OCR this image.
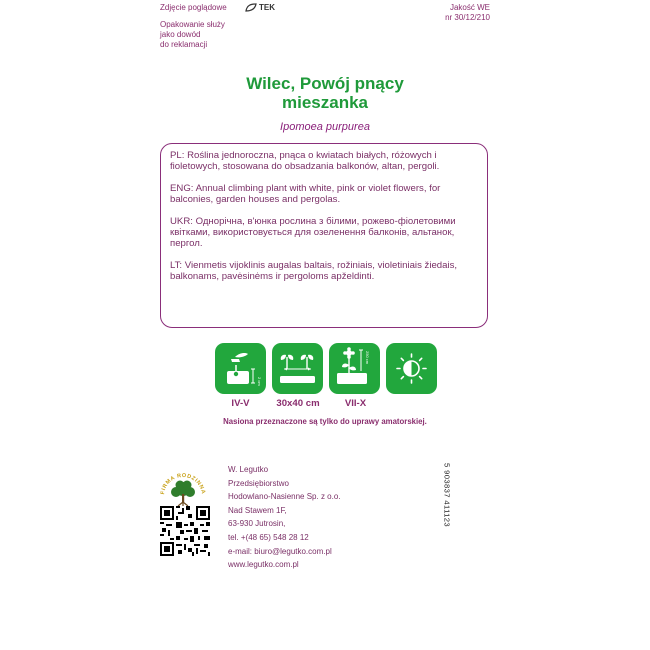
Zdjęcie poglądowe	TEK	Jakość WE
nr 30/12/210
Opakowanie służy
jako dowód
do reklamacji
Wilec, Powój pnący
mieszanka
Ipomoea purpurea

PL: Roślina jednoroczna, pnąca o kwiatach białych, różowych i fioletowych, stosowana do obsadzania balkonów, altan, pergoli.

ENG: Annual climbing plant with white, pink or violet flowers, for balconies, garden houses and pergolas.

UKR: Однорічна, в'юнка рослина з білими, рожево-фіолетовими квітками, використовується для озеленення балконів, альтанок, пергол.

LT: Vienmetis vijoklinis augalas baltais, rožiniais, violetiniais žiedais, balkonams, pavėsinėms ir pergoloms apželdinti.

2 cm
250 cm
IV-V	30x40 cm	VII-X
Nasiona przeznaczone są tylko do uprawy amatorskiej.
FIRMA RODZINNA
W. Legutko
Przedsiębiorstwo
Hodowlano-Nasienne Sp. z o.o.
Nad Stawem 1F,
63-930 Jutrosin,
tel. +(48 65) 548 28 12
e-mail: biuro@legutko.com.pl
www.legutko.com.pl
5 903837 411123
